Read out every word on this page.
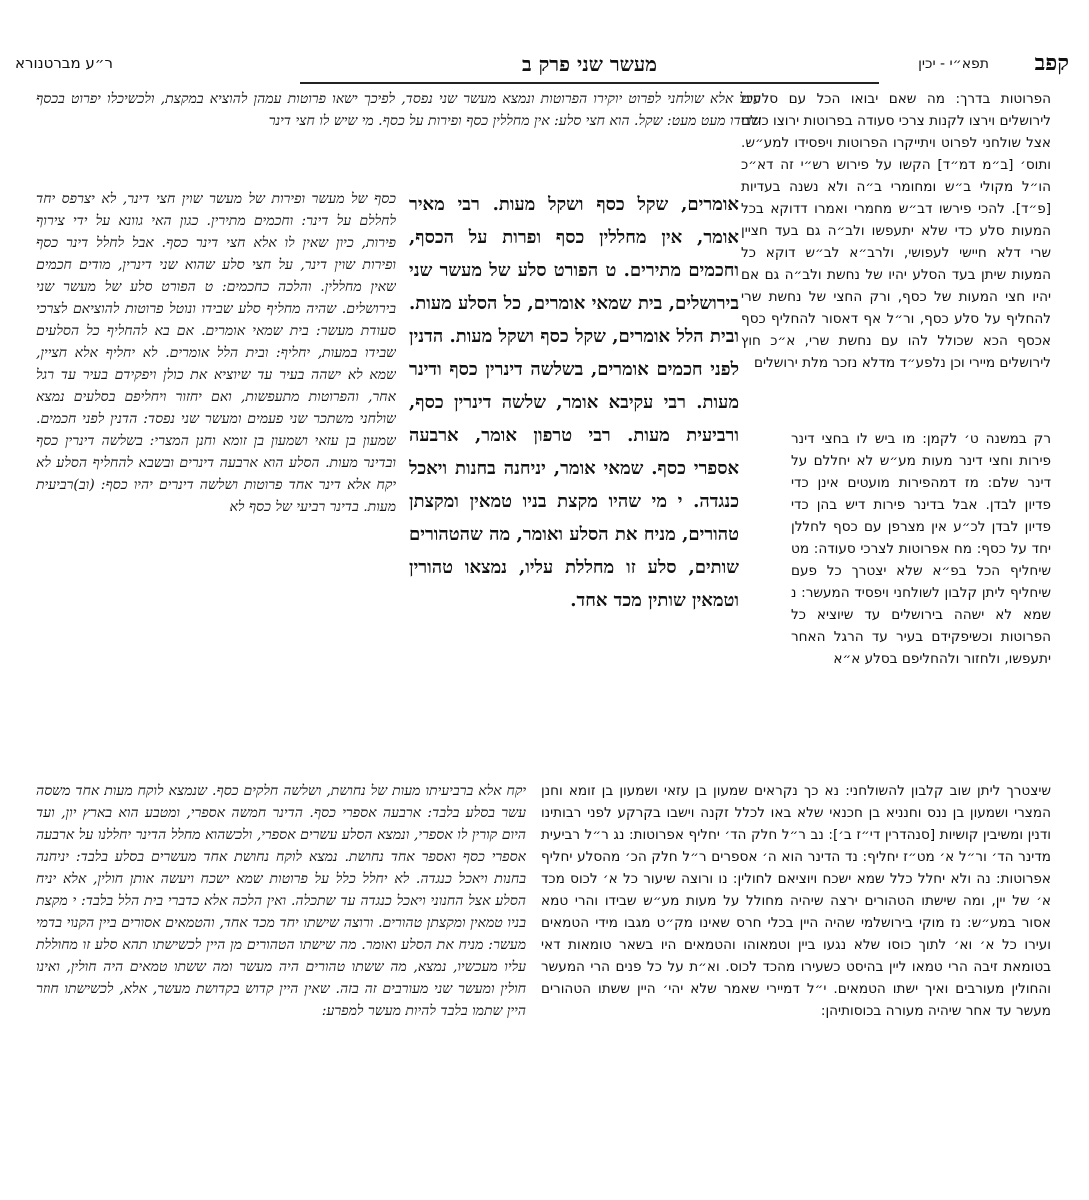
קפב
תפא״י - יכין
מעשר שני פרק ב
ר״ע מברטנורא

הפרוטות בדרך: מה שאם יבואו הכל עם סלעים לירושלים וירצו לקנות צרכי סעודה בפרוטות ירוצו כולם אצל שולחני לפרוט ויתייקרו הפרוטות ויפסידו למע״ש. ותוס׳ [ב״מ דמ״ד] הקשו על פירוש רש״י זה דא״כ הו״ל מקולי ב״ש ומחומרי ב״ה ולא נשנה בעדיות [פ״ד]. להכי פירשו דב״ש מחמרי ואמרו דדוקא בכל המעות סלע כדי שלא יתעפשו ולב״ה גם בעד חציין שרי דלא חיישי לעפושי, ולרב״א לב״ש דוקא כל המעות שיתן בעד הסלע יהיו של נחשת ולב״ה גם אם יהיו חצי המעות של כסף, ורק החצי של נחשת שרי להחליף על סלע כסף, ור״ל אף דאסור להחליף כסף אכסף הכא שכולל להו עם נחשת שרי, א״כ חוץ לירושלים מיירי וכן נלפע״ד מדלא נזכר מלת ירושלים

רק במשנה ט׳ לקמן: מו ביש לו בחצי דינר פירות וחצי דינר מעות מע״ש לא יחללם על דינר שלם: מז דמהפירות מועטים אינן כדי פדיון לבדן. אבל בדינר פירות דיש בהן כדי פדיון לבדן לכ״ע אין מצרפן עם כסף לחללן יחד על כסף: מח אפרוטות לצרכי סעודה: מט שיחליף הכל בפ״א שלא יצטרך כל פעם שיחליף ליתן קלבון לשולחני ויפסיד המעשר: נ שמא לא ישהה בירושלים עד שיוציא כל הפרוטות וכשיפקידם בעיר עד הרגל האחר יתעפשו, ולחזור ולהחליפם בסלע א״א

אומרים, שקל כסף ושקל מעות. רבי מאיר אומר, אין מחללין כסף ופרות על הכסף, וחכמים מתירים. ט הפורט סלע של מעשר שני בירושלים, בית שמאי אומרים, כל הסלע מעות. ובית הלל אומרים, שקל כסף ושקל מעות. הדנין לפני חכמים אומרים, בשלשה דינרין כסף ודינר מעות. רבי עקיבא אומר, שלשה דינרין כסף, ורביעית מעות. רבי טרפון אומר, ארבעה אספרי כסף. שמאי אומר, יניחנה בחנות ויאכל כנגדה. י מי שהיו מקצת בניו טמאין ומקצתן טהורים, מניח את הסלע ואומר, מה שהטהורים שותים, סלע זו מחללת עליו, נמצאו טהורין וטמאין שותין מכד אחד.

הכל אלא שולחני לפרוט יוקירו הפרוטות ונמצא מעשר שני נפסד, לפיכך ישאו פרוטות עמהן להוציא במקצת, ולכשיכלו יפרוט בכסף שבידו מעט מעט: שקל. הוא חצי סלע: אין מחללין כסף ופירות על כסף. מי שיש לו חצי דינר

כסף של מעשר ופירות של מעשר שוין חצי דינר, לא יצרפס יחד לחללם על דינר: וחכמים מתירין. כגון האי גוונא על ידי צירוף פירות, כיון שאין לו אלא חצי דינר כסף. אבל לחלל דינר כסף ופירות שוין דינר, על חצי סלע שהוא שני דינרין, מודים חכמים שאין מחללין. והלכה כחכמים: ט הפורט סלע של מעשר שני בירושלים. שהיה מחליף סלע שבידו ונוטל פרוטות להוציאם לצרכי סעודת מעשר: בית שמאי אומרים. אם בא להחליף כל הסלעים שבידו במעות, יחליף: ובית הלל אומרים. לא יחליף אלא חציין, שמא לא ישהה בעיר עד שיוציא את כולן ויפקידם בעיר עד רגל אחר, והפרוטות מתעפשות, ואם יחזור ויחליפם בסלעים נמצא שולחני משתכר שני פעמים ומעשר שני נפסד: הדנין לפני חכמים. שמעון בן עזאי ושמעון בן זומא וחנן המצרי: בשלשה דינרין כסף ובדינר מעות. הסלע הוא ארבעה דינרים ובשבא להחליף הסלע לא יקח אלא דינר אחד פרוטות ושלשה דינרים יהיו כסף: (וב)רביעית מעות. בדינר רביעי של כסף לא

יקח אלא ברביעיתו מעות של נחושת, ושלשה חלקים כסף. שנמצא לוקח מעות אחד משסה עשר בסלע בלבד: ארבעה אספרי כסף. הדינר חמשה אספרי, ומטבע הוא בארץ יון, ועד היום קורין לו אספרי, ונמצא הסלע עשרים אספרי, ולכשהוא מחלל הדינר יחללנו על ארבעה אספרי כסף ואספר אחד נחושת. נמצא לוקח נחושת אחד מעשרים בסלע בלבד: יניחנה בחנות ויאכל כנגדה. לא יחלל כלל על פרוטות שמא ישכח ויעשה אותן חולין, אלא יניח הסלע אצל החנוני ויאכל כנגדה עד שתכלה. ואין הלכה אלא כדברי בית הלל בלבד: י מקצת בניו טמאין ומקצתן טהורים. ורוצה שישתו יחד מכד אחד, והטמאים אסורים ביין הקנוי בדמי מעשר: מניח את הסלע ואומר. מה שישתו הטהורים מן היין לכשישתו תהא סלע זו מחוללת עליו מעכשיו, נמצא, מה ששתו טהורים היה מעשר ומה ששתו טמאים היה חולין, ואינו חולין ומעשר שני מעורבים זה בזה. שאין היין קדוש בקדושת מעשר, אלא, לכשישתו חוזר היין שתמו בלבד להיות מעשר למפרע:

שיצטרך ליתן שוב קלבון להשולחני: נא כך נקראים שמעון בן עזאי ושמעון בן זומא וחנן המצרי ושמעון בן ננס וחנניא בן חכנאי שלא באו לכלל זקנה וישבו בקרקע לפני רבותינו ודנין ומשיבין קושיות [סנהדרין די״ז ב׳]: נב ר״ל חלק הד׳ יחליף אפרוטות: נג ר״ל רביעית מדינר הד׳ ור״ל א׳ מט״ז יחליף: נד הדינר הוא ה׳ אספרים ר״ל חלק הכ׳ מהסלע יחליף אפרוטות: נה ולא יחלל כלל שמא ישכח ויוציאם לחולין: נו ורוצה שיעור כל א׳ לכוס מכד א׳ של יין, ומה שישתו הטהורים ירצה שיהיה מחולל על מעות מע״ש שבידו והרי טמא אסור במע״ש: נז מוקי בירושלמי שהיה היין בכלי חרס שאינו מק״ט מגבו מידי הטמאים ועירו כל א׳ וא׳ לתוך כוסו שלא נגעו ביין וטמאוהו והטמאים היו בשאר טומאות דאי בטומאת זיבה הרי טמאו ליין בהיסט כשעירו מהכד לכוס. וא״ת על כל פנים הרי המעשר והחולין מעורבים ואיך ישתו הטמאים. י״ל דמיירי שאמר שלא יהי׳ היין ששתו הטהורים מעשר עד אחר שיהיה מעורה בכוסותיהן:
